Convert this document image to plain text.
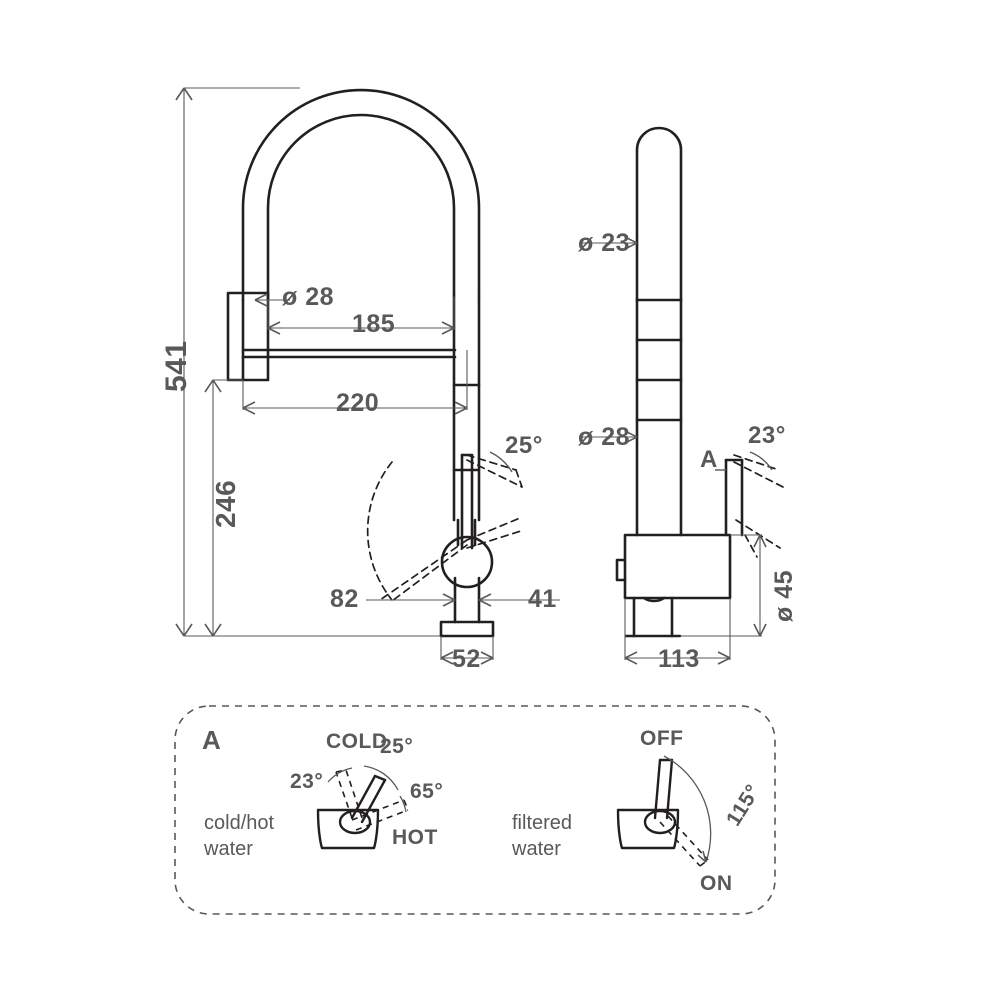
541
246
ø 28
185
220
82	41
52
25°
ø 23
ø 28
113
ø 45
23°
A
A
cold/hot
water
COLD
HOT
23°
25°
65°
filtered
water
OFF
ON
115°
